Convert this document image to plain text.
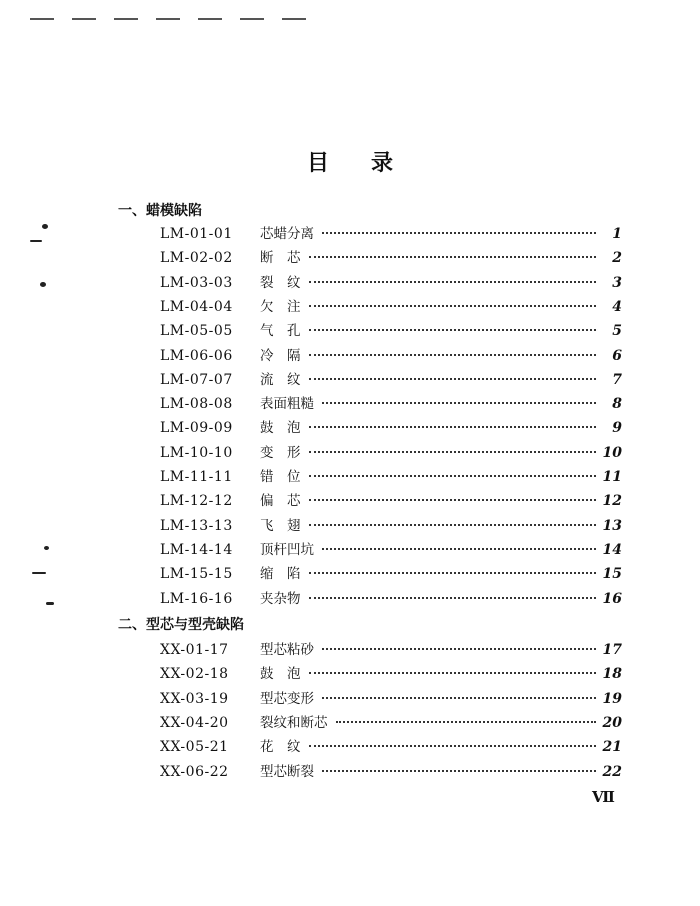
目 录
一、蜡模缺陷
二、型芯与型壳缺陷
LM-01-01	芯蜡分离	1
LM-02-02	断　芯	2
LM-03-03	裂　纹	3
LM-04-04	欠　注	4
LM-05-05	气　孔	5
LM-06-06	冷　隔	6
LM-07-07	流　纹	7
LM-08-08	表面粗糙	8
LM-09-09	鼓　泡	9
LM-10-10	变　形	10
LM-11-11	错　位	11
LM-12-12	偏　芯	12
LM-13-13	飞　翅	13
LM-14-14	顶杆凹坑	14
LM-15-15	缩　陷	15
LM-16-16	夹杂物	16
XX-01-17	型芯粘砂	17
XX-02-18	鼓　泡	18
XX-03-19	型芯变形	19
XX-04-20	裂纹和断芯	20
XX-05-21	花　纹	21
XX-06-22	型芯断裂	22
Ⅶ
